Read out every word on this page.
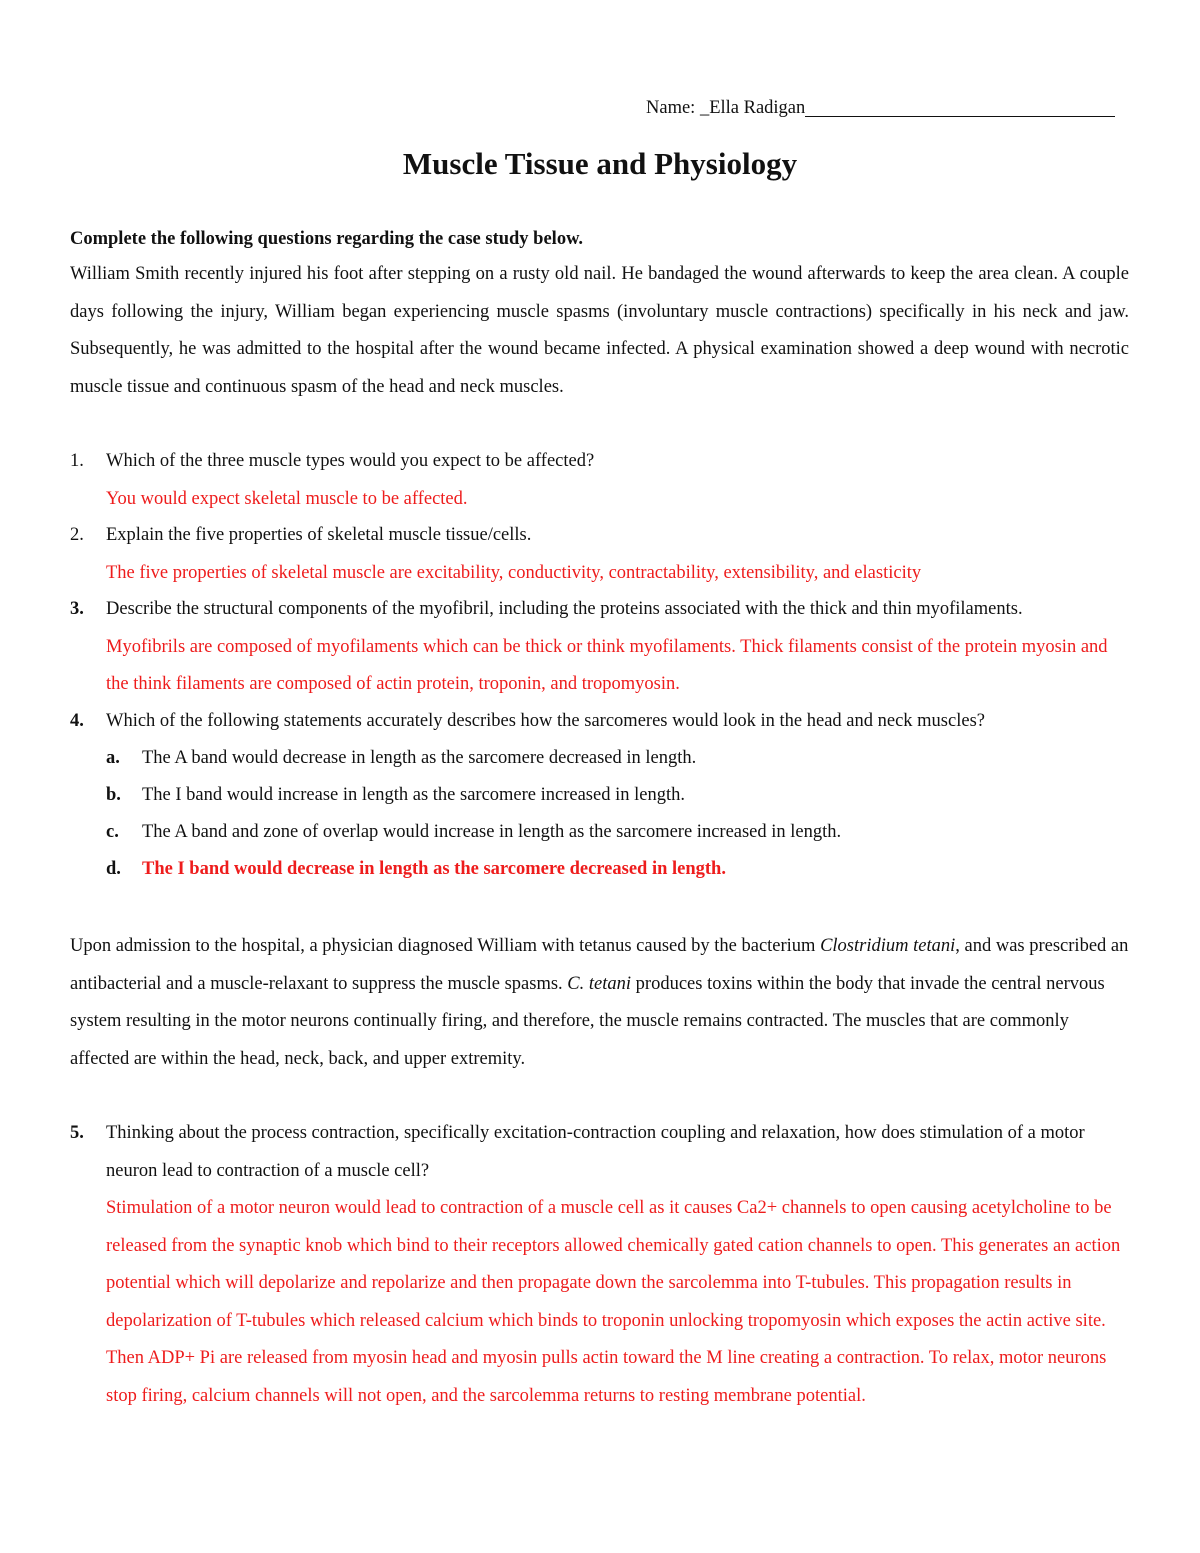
Name: _Ella Radigan
Muscle Tissue and Physiology
Complete the following questions regarding the case study below.

William Smith recently injured his foot after stepping on a rusty old nail. He bandaged the wound afterwards to keep the area clean. A couple days following the injury, William began experiencing muscle spasms (involuntary muscle contractions) specifically in his neck and jaw. Subsequently, he was admitted to the hospital after the wound became infected. A physical examination showed a deep wound with necrotic muscle tissue and continuous spasm of the head and neck muscles.

1.	Which of the three muscle types would you expect to be affected?
You would expect skeletal muscle to be affected.
2.	Explain the five properties of skeletal muscle tissue/cells.
The five properties of skeletal muscle are excitability, conductivity, contractability, extensibility, and elasticity
3.	Describe the structural components of the myofibril, including the proteins associated with the thick and thin myofilaments.
Myofibrils are composed of myofilaments which can be thick or think myofilaments. Thick filaments consist of the protein myosin and the think filaments are composed of actin protein, troponin, and tropomyosin.
4.	Which of the following statements accurately describes how the sarcomeres would look in the head and neck muscles?
a. The A band would decrease in length as the sarcomere decreased in length.
b. The I band would increase in length as the sarcomere increased in length.
c. The A band and zone of overlap would increase in length as the sarcomere increased in length.
d. The I band would decrease in length as the sarcomere decreased in length.

Upon admission to the hospital, a physician diagnosed William with tetanus caused by the bacterium Clostridium tetani, and was prescribed an antibacterial and a muscle-relaxant to suppress the muscle spasms. C. tetani produces toxins within the body that invade the central nervous system resulting in the motor neurons continually firing, and therefore, the muscle remains contracted. The muscles that are commonly affected are within the head, neck, back, and upper extremity.

5.	Thinking about the process contraction, specifically excitation-contraction coupling and relaxation, how does stimulation of a motor neuron lead to contraction of a muscle cell?
Stimulation of a motor neuron would lead to contraction of a muscle cell as it causes Ca2+ channels to open causing acetylcholine to be released from the synaptic knob which bind to their receptors allowed chemically gated cation channels to open. This generates an action potential which will depolarize and repolarize and then propagate down the sarcolemma into T-tubules. This propagation results in depolarization of T-tubules which released calcium which binds to troponin unlocking tropomyosin which exposes the actin active site. Then ADP+ Pi are released from myosin head and myosin pulls actin toward the M line creating a contraction. To relax, motor neurons stop firing, calcium channels will not open, and the sarcolemma returns to resting membrane potential.
